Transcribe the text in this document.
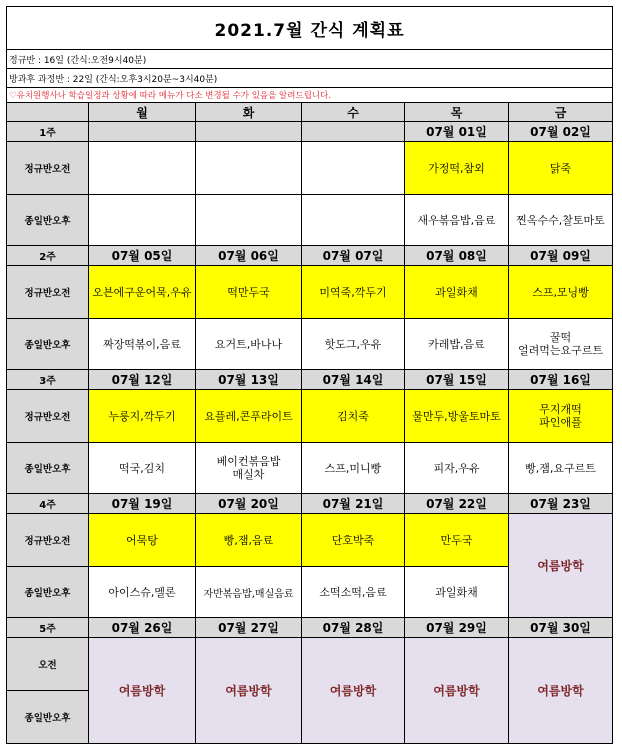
2021.7월 간식 계획표					
정규반 : 16일 (간식:오전9시40분)					
방과후 과정반 : 22일 (간식:오후3시20분~3시40분)					
♡유치원행사나 학습일정과 상황에 따라 메뉴가 다소 변경될 수가 있음을 알려드립니다.					
	월	화	수	목	금
1주				07월 01일	07월 02일
정규반오전				가정떡,참외	닭죽
종일반오후				새우볶음밥,음료	찐옥수수,찰토마토
2주	07월 05일	07월 06일	07월 07일	07월 08일	07월 09일
정규반오전	오븐에구운어묵,우유	떡만두국	미역죽,깍두기	과일화채	스프,모닝빵
종일반오후	짜장떡볶이,음료	요거트,바나나	핫도그,우유	카레밥,음료	꿀떡
얼려먹는요구르트
3주	07월 12일	07월 13일	07월 14일	07월 15일	07월 16일
정규반오전	누룽지,깍두기	요플레,콘푸라이트	김치죽	물만두,방울토마토	무지개떡
파인애플
종일반오후	떡국,김치	베이컨볶음밥
매실차	스프,미니빵	피자,우유	빵,잼,요구르트
4주	07월 19일	07월 20일	07월 21일	07월 22일	07월 23일
정규반오전	어묵탕	빵,잼,음료	단호박죽	만두국	여름방학
종일반오후	아이스슈,멜론	자반볶음밥,매실음료	소떡소떡,음료	과일화채	
5주	07월 26일	07월 27일	07월 28일	07월 29일	07월 30일
오전	여름방학	여름방학	여름방학	여름방학	여름방학
종일반오후					
